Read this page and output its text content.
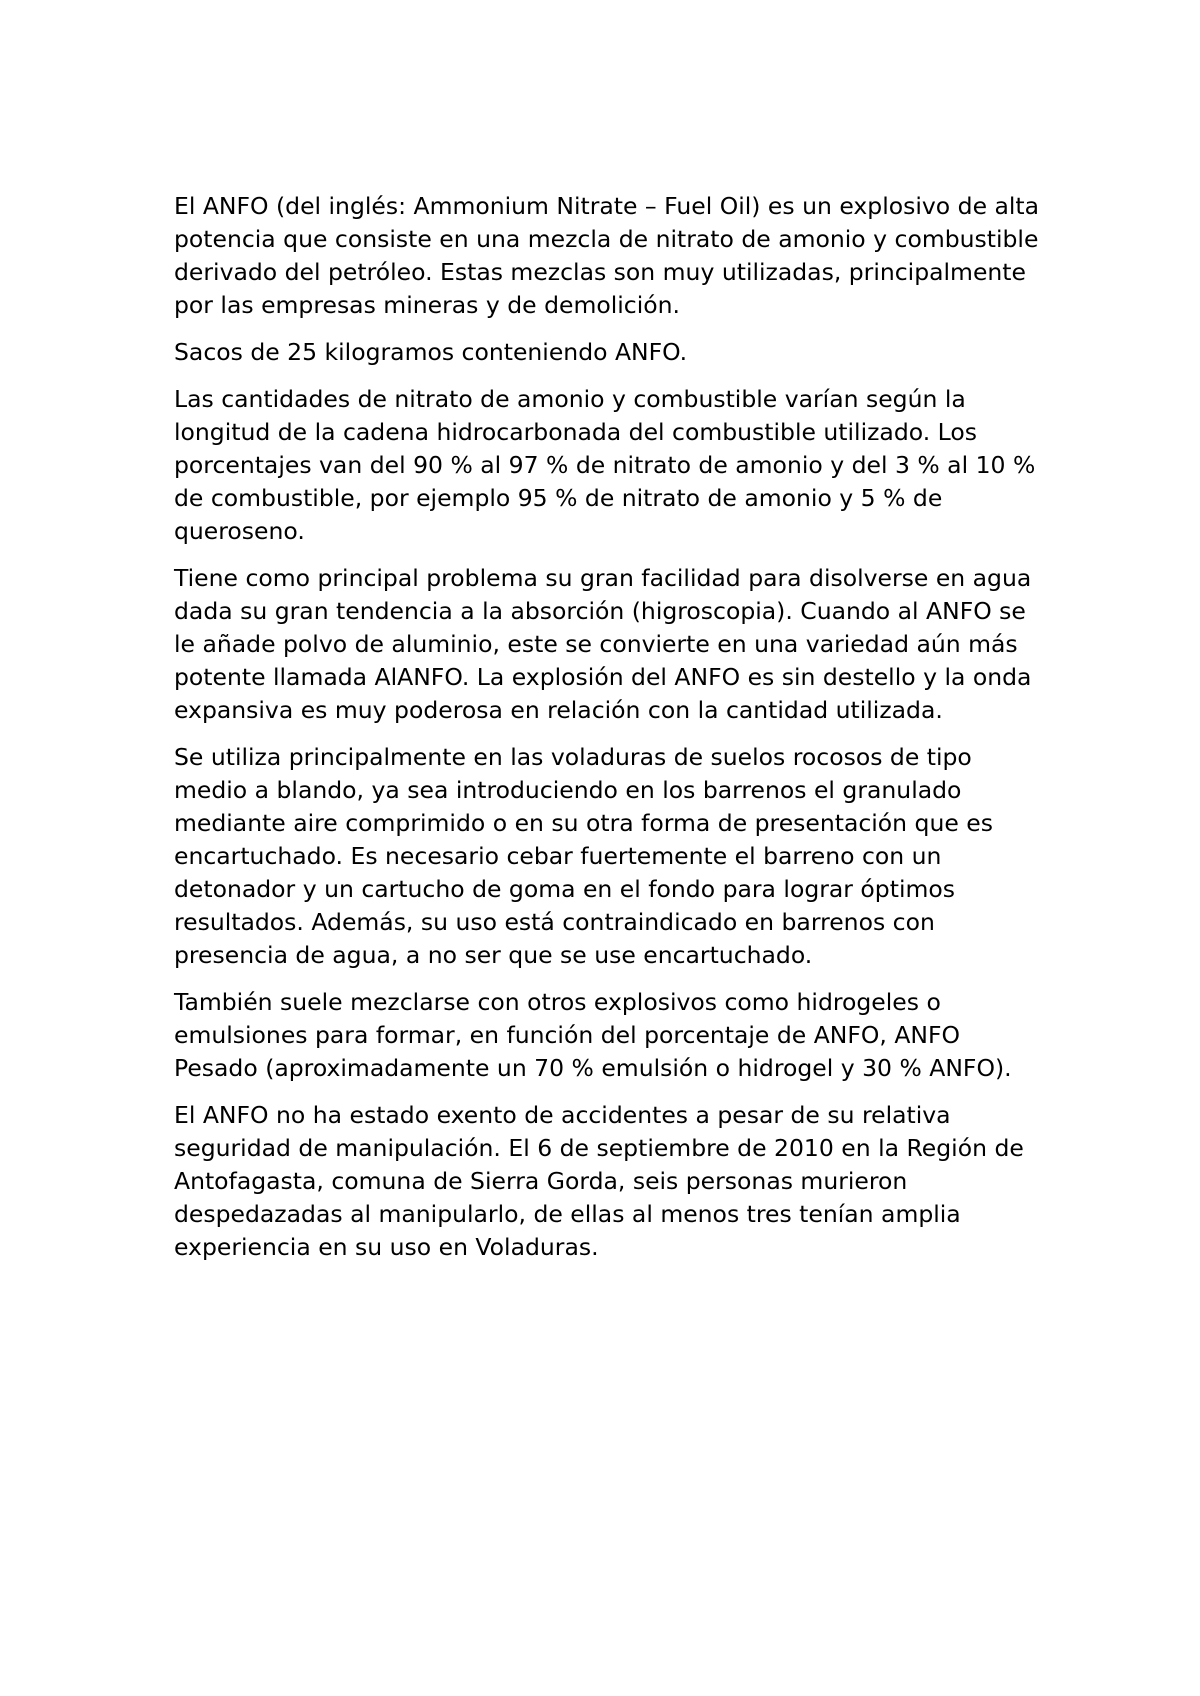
El ANFO (del inglés: Ammonium Nitrate – Fuel Oil) es un explosivo de alta potencia que consiste en una mezcla de nitrato de amonio y combustible derivado del petróleo. Estas mezclas son muy utilizadas, principalmente por las empresas mineras y de demolición.

Sacos de 25 kilogramos conteniendo ANFO.

Las cantidades de nitrato de amonio y combustible varían según la longitud de la cadena hidrocarbonada del combustible utilizado. Los porcentajes van del 90 % al 97 % de nitrato de amonio y del 3 % al 10 % de combustible, por ejemplo 95 % de nitrato de amonio y 5 % de queroseno.

Tiene como principal problema su gran facilidad para disolverse en agua dada su gran tendencia a la absorción (higroscopia). Cuando al ANFO se le añade polvo de aluminio, este se convierte en una variedad aún más potente llamada AlANFO. La explosión del ANFO es sin destello y la onda expansiva es muy poderosa en relación con la cantidad utilizada.

Se utiliza principalmente en las voladuras de suelos rocosos de tipo medio a blando, ya sea introduciendo en los barrenos el granulado mediante aire comprimido o en su otra forma de presentación que es encartuchado. Es necesario cebar fuertemente el barreno con un detonador y un cartucho de goma en el fondo para lograr óptimos resultados. Además, su uso está contraindicado en barrenos con presencia de agua, a no ser que se use encartuchado.

También suele mezclarse con otros explosivos como hidrogeles o emulsiones para formar, en función del porcentaje de ANFO, ANFO Pesado (aproximadamente un 70 % emulsión o hidrogel y 30 % ANFO).

El ANFO no ha estado exento de accidentes a pesar de su relativa seguridad de manipulación. El 6 de septiembre de 2010 en la Región de Antofagasta, comuna de Sierra Gorda, seis personas murieron despedazadas al manipularlo, de ellas al menos tres tenían amplia experiencia en su uso en Voladuras.
